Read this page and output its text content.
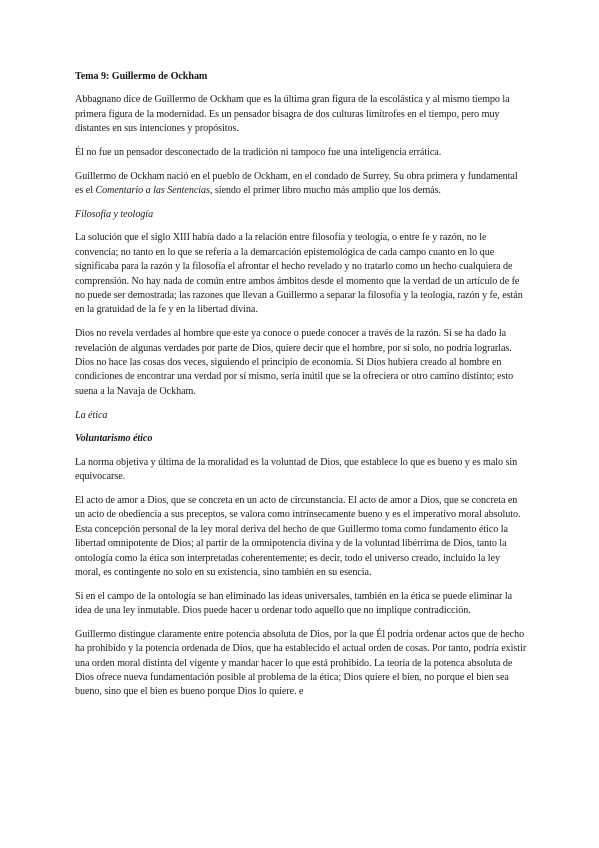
Tema 9: Guillermo de Ockham

Abbagnano dice de Guillermo de Ockham que es la última gran figura de la escolástica y al mismo tiempo la primera figura de la modernidad. Es un pensador bisagra de dos culturas limítrofes en el tiempo, pero muy distantes en sus intenciones y propósitos.

Él no fue un pensador desconectado de la tradición ni tampoco fue una inteligencia errática.

Guillermo de Ockham nació en el pueblo de Ockham, en el condado de Surrey. Su obra primera y fundamental es el Comentario a las Sentencias, siendo el primer libro mucho más amplio que los demás.

Filosofía y teología

La solución que el siglo XIII había dado a la relación entre filosofía y teología, o entre fe y razón, no le convencía; no tanto en lo que se refería a la demarcación epistemológica de cada campo cuanto en lo que significaba para la razón y la filosofía el afrontar el hecho revelado y no tratarlo como un hecho cualquiera de comprensión. No hay nada de común entre ambos ámbitos desde el momento que la verdad de un artículo de fe no puede ser demostrada; las razones que llevan a Guillermo a separar la filosofía y la teología, razón y fe, están en la gratuidad de la fe y en la libertad divina.

Dios no revela verdades al hombre que este ya conoce o puede conocer a través de la razón. Si se ha dado la revelación de algunas verdades por parte de Dios, quiere decir que el hombre, por sí solo, no podría lograrlas. Dios no hace las cosas dos veces, siguiendo el principio de economía. Si Dios hubiera creado al hombre en condiciones de encontrar una verdad por sí mismo, sería inútil que se la ofreciera or otro camino distinto; esto suena a la Navaja de Ockham.

La ética

Voluntarismo ético

La norma objetiva y última de la moralidad es la voluntad de Dios, que establece lo que es bueno y es malo sin equivocarse.

El acto de amor a Dios, que se concreta en un acto de circunstancia. El acto de amor a Dios, que se concreta en un acto de obediencia a sus preceptos, se valora como intrínsecamente bueno y es el imperativo moral absoluto. Esta concepción personal de la ley moral deriva del hecho de que Guillermo toma como fundamento ético la libertad omnipotente de Dios; al partir de la omnipotencia divina y de la voluntad libérrima de Dios, tanto la ontología como la ética son interpretadas coherentemente; es decir, todo el universo creado, incluido la ley moral, es contingente no solo en su existencia, sino también en su esencia.

Si en el campo de la ontología se han eliminado las ideas universales, también en la ética se puede eliminar la idea de una ley inmutable. Dios puede hacer u ordenar todo aquello que no implique contradicción.

Guillermo distingue claramente entre potencia absoluta de Dios, por la que Él podría ordenar actos que de hecho ha prohibido y la potencia ordenada de Dios, que ha establecido el actual orden de cosas. Por tanto, podría existir una orden moral distinta del vigente y mandar hacer lo que está prohibido. La teoría de la potenca absoluta de Dios ofrece nueva fundamentación posible al problema de la ética; Dios quiere el bien, no porque el bien sea bueno, sino que el bien es bueno porque Dios lo quiere. e
